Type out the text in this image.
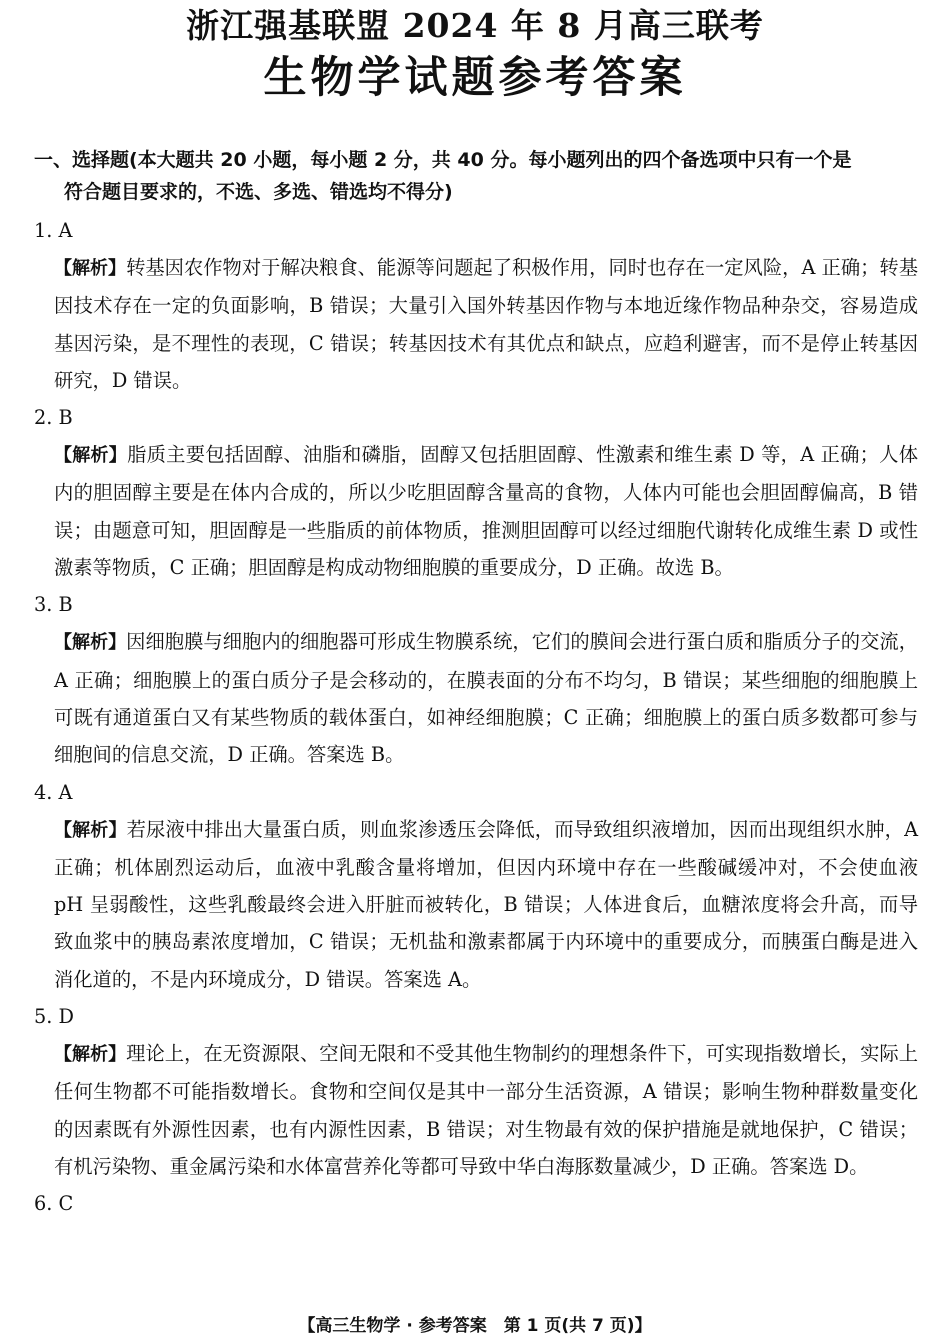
浙江强基联盟 2024 年 8 月高三联考
生物学试题参考答案
一、选择题(本大题共 20 小题，每小题 2 分，共 40 分。每小题列出的四个备选项中只有一个是
符合题目要求的，不选、多选、错选均不得分)

1. A

【解析】转基因农作物对于解决粮食、能源等问题起了积极作用，同时也存在一定风险，A 正确；转基因技术存在一定的负面影响，B 错误；大量引入国外转基因作物与本地近缘作物品种杂交，容易造成基因污染，是不理性的表现，C 错误；转基因技术有其优点和缺点，应趋利避害，而不是停止转基因研究，D 错误。

2. B

【解析】脂质主要包括固醇、油脂和磷脂，固醇又包括胆固醇、性激素和维生素 D 等，A 正确；人体内的胆固醇主要是在体内合成的，所以少吃胆固醇含量高的食物，人体内可能也会胆固醇偏高，B 错误；由题意可知，胆固醇是一些脂质的前体物质，推测胆固醇可以经过细胞代谢转化成维生素 D 或性激素等物质，C 正确；胆固醇是构成动物细胞膜的重要成分，D 正确。故选 B。

3. B

【解析】因细胞膜与细胞内的细胞器可形成生物膜系统，它们的膜间会进行蛋白质和脂质分子的交流，A 正确；细胞膜上的蛋白质分子是会移动的，在膜表面的分布不均匀，B 错误；某些细胞的细胞膜上可既有通道蛋白又有某些物质的载体蛋白，如神经细胞膜；C 正确；细胞膜上的蛋白质多数都可参与细胞间的信息交流，D 正确。答案选 B。

4. A

【解析】若尿液中排出大量蛋白质，则血浆渗透压会降低，而导致组织液增加，因而出现组织水肿，A 正确；机体剧烈运动后，血液中乳酸含量将增加，但因内环境中存在一些酸碱缓冲对，不会使血液 pH 呈弱酸性，这些乳酸最终会进入肝脏而被转化，B 错误；人体进食后，血糖浓度将会升高，而导致血浆中的胰岛素浓度增加，C 错误；无机盐和激素都属于内环境中的重要成分，而胰蛋白酶是进入消化道的，不是内环境成分，D 错误。答案选 A。

5. D

【解析】理论上，在无资源限、空间无限和不受其他生物制约的理想条件下，可实现指数增长，实际上任何生物都不可能指数增长。食物和空间仅是其中一部分生活资源，A 错误；影响生物种群数量变化的因素既有外源性因素，也有内源性因素，B 错误；对生物最有效的保护措施是就地保护，C 错误；有机污染物、重金属污染和水体富营养化等都可导致中华白海豚数量减少，D 正确。答案选 D。

6. C

【高三生物学 · 参考答案　第 1 页(共 7 页)】
